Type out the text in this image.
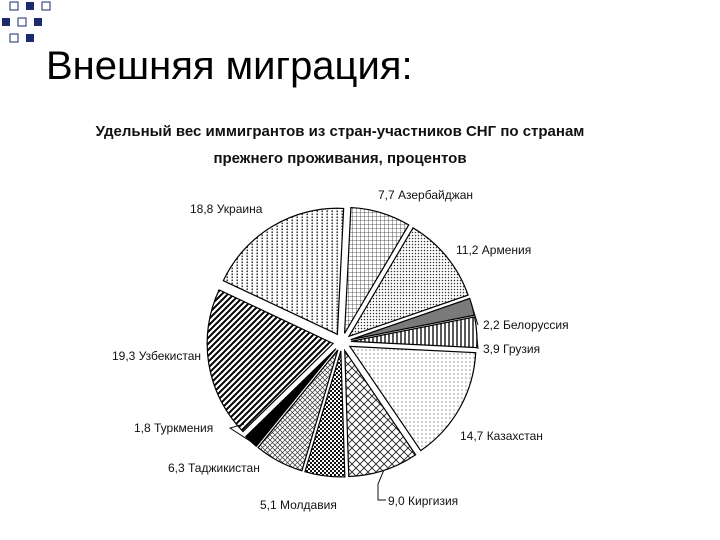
Внешняя миграция:
Удельный вес иммигрантов из стран-участников СНГ по странам
прежнего проживания, процентов
7,7 Азербайджан
11,2 Армения
2,2 Белоруссия
3,9 Грузия
14,7 Казахстан
9,0 Киргизия
5,1 Молдавия
6,3 Таджикистан
1,8 Туркмения
19,3 Узбекистан
18,8 Украина
